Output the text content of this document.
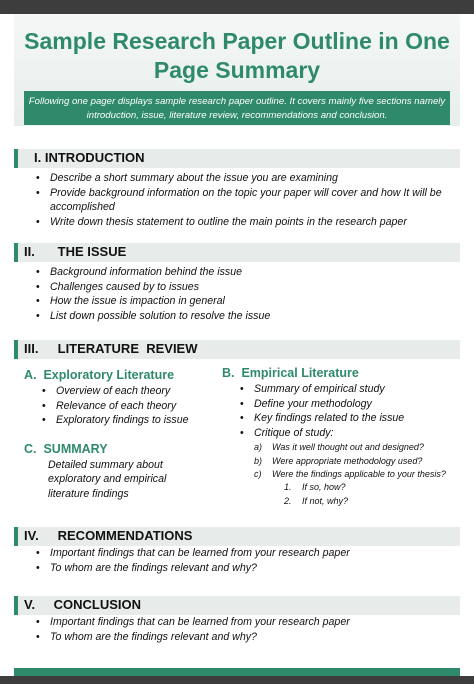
Sample Research Paper Outline in One Page Summary
Following one pager displays sample research paper outline. It covers mainly five sections namely introduction, issue, literature review, recommendations and conclusion.
I. INTRODUCTION
• Describe a short summary about the issue you are examining
• Provide background information on the topic your paper will cover and how It will be accomplished
• Write down thesis statement to outline the main points in the research paper
II. THE ISSUE
• Background information behind the issue
• Challenges caused by to issues
• How the issue is impaction in general
• List down possible solution to resolve the issue
III. LITERATURE  REVIEW
A. Exploratory Literature
• Overview of each theory
• Relevance of each theory
• Exploratory findings to issue
C. SUMMARY
Detailed summary about exploratory and empirical literature findings
B. Empirical Literature
• Summary of empirical study
• Define your methodology
• Key findings related to the issue
• Critique of study:
a) Was it well thought out and designed?
b) Were appropriate methodology used?
c) Were the findings applicable to your thesis?
1. If so, how?
2. If not, why?
IV. RECOMMENDATIONS
• Important findings that can be learned from your research paper
• To whom are the findings relevant and why?
V. CONCLUSION
• Important findings that can be learned from your research paper
• To whom are the findings relevant and why?
